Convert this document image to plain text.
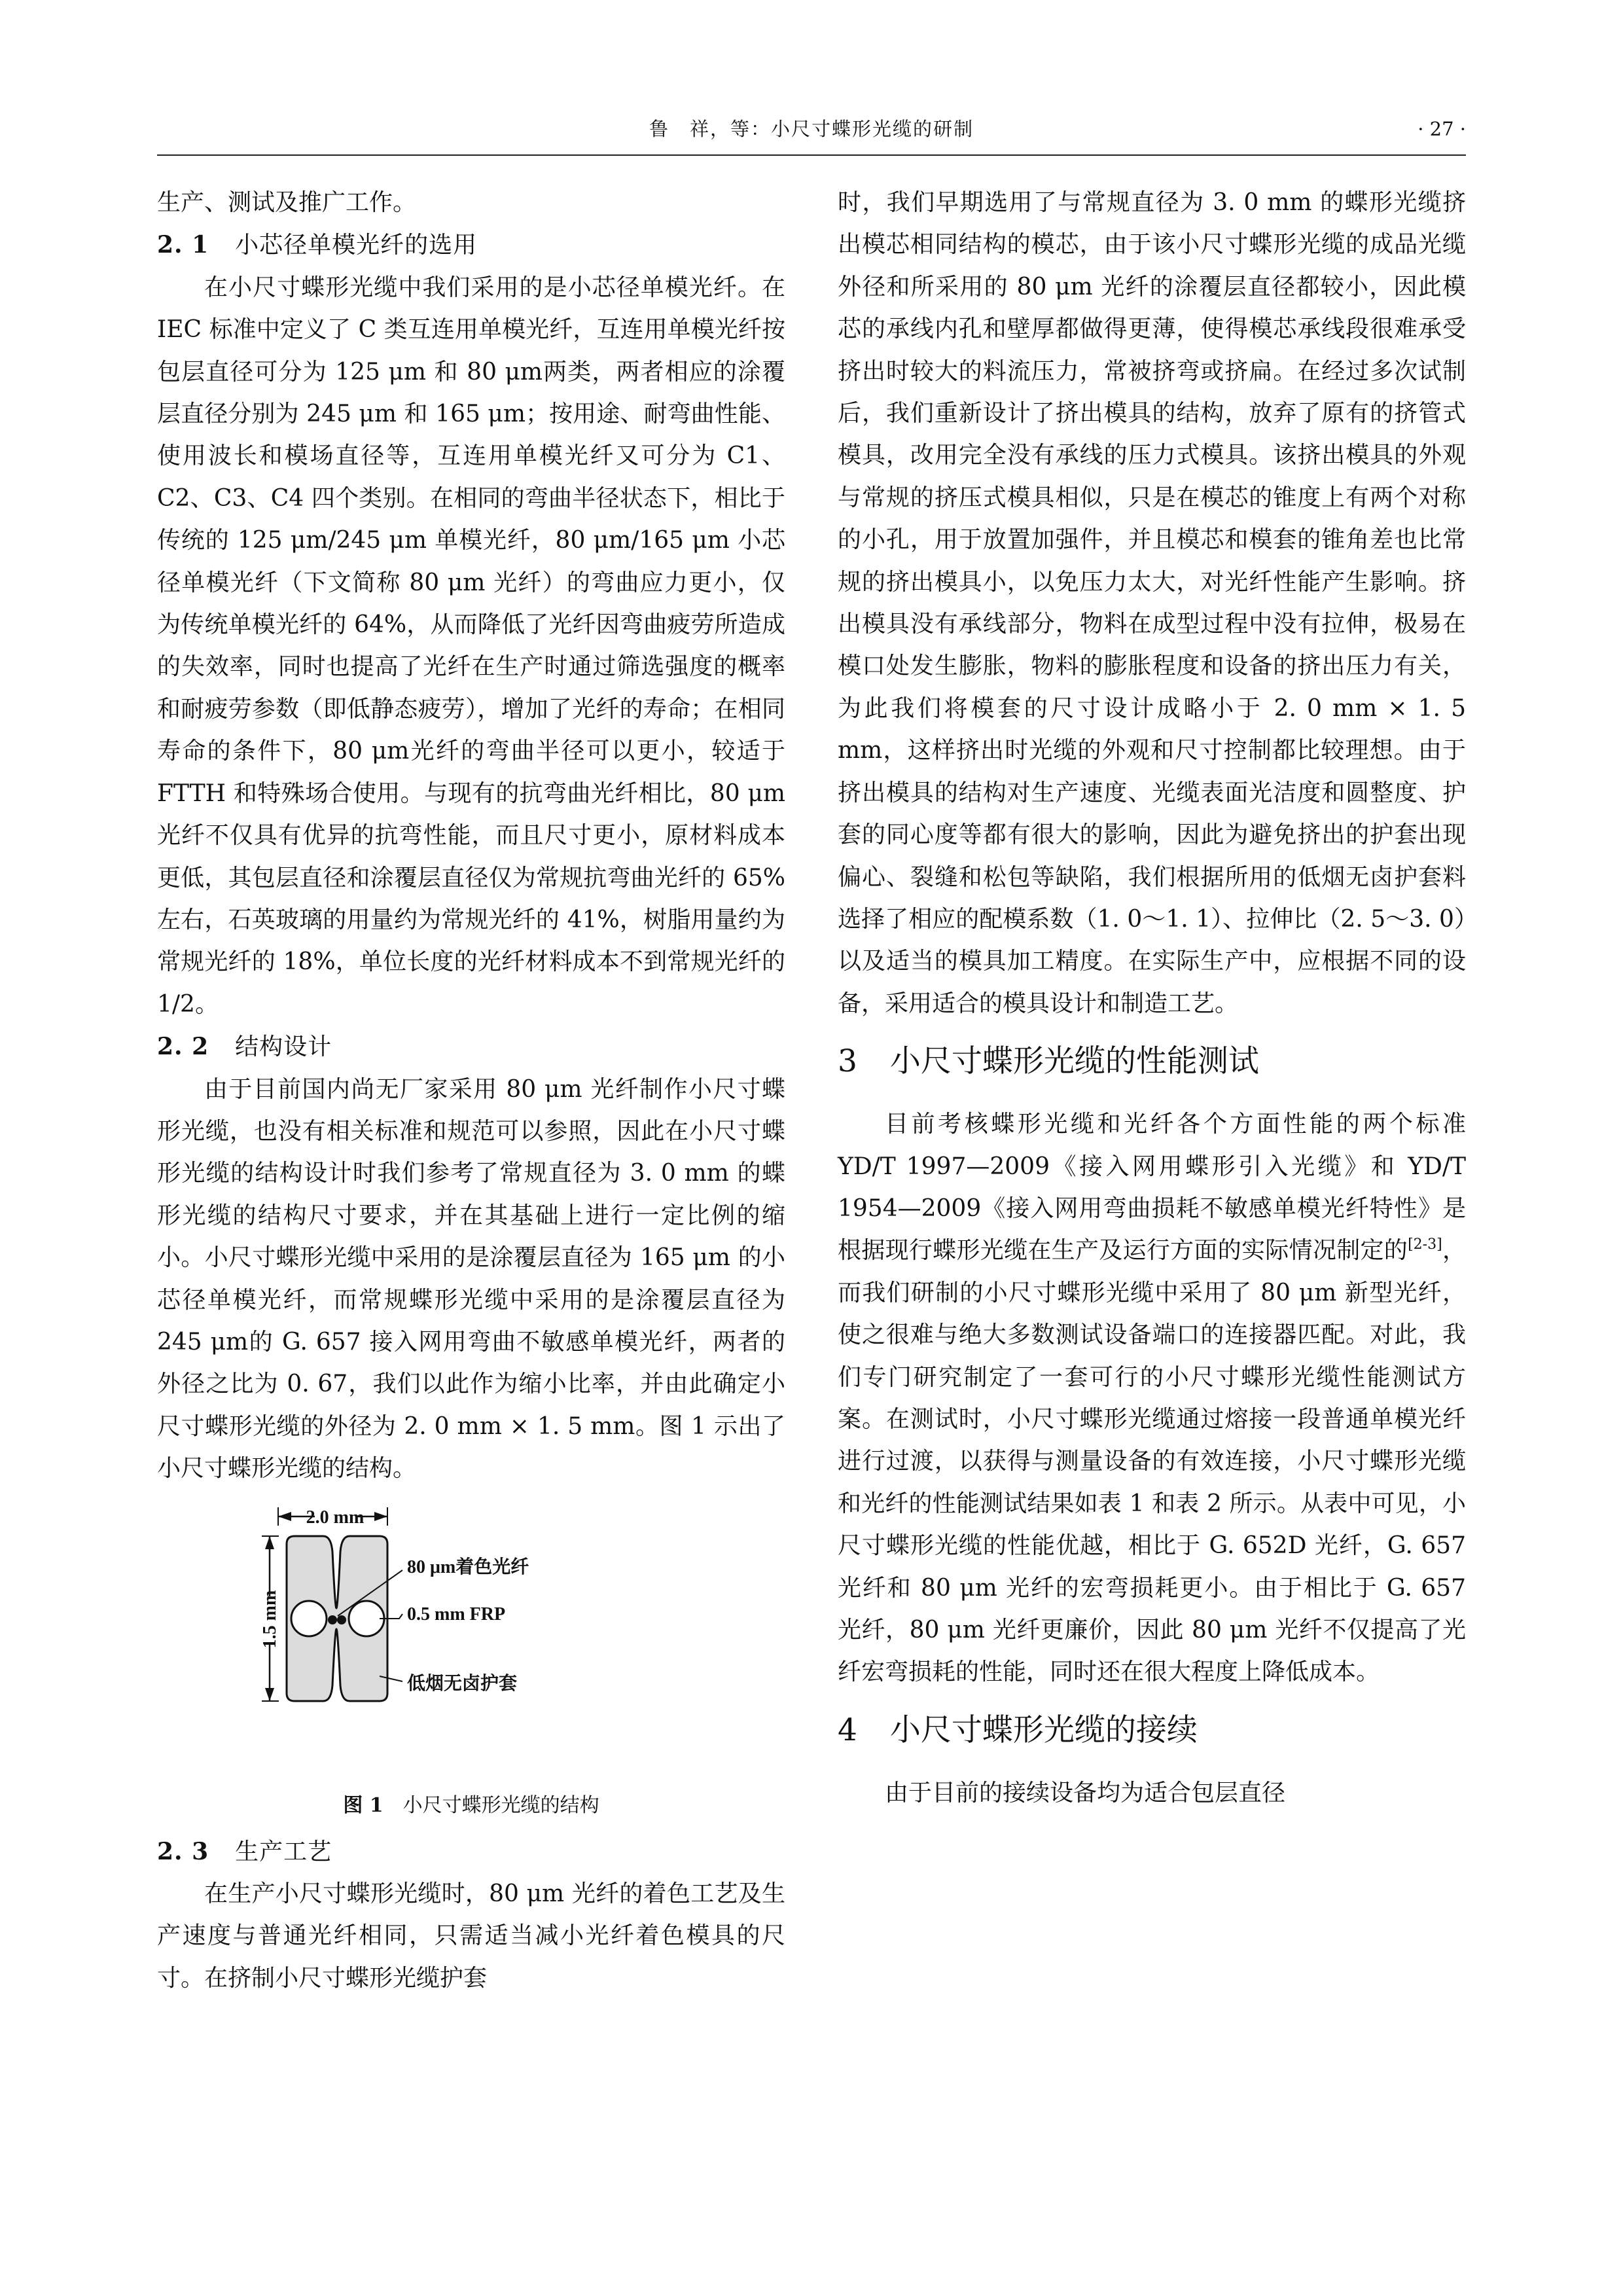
鲁　祥，等：小尺寸蝶形光缆的研制	· 27 ·

生产、测试及推广工作。

2. 1 小芯径单模光纤的选用

在小尺寸蝶形光缆中我们采用的是小芯径单模光纤。在 IEC 标准中定义了 C 类互连用单模光纤，互连用单模光纤按包层直径可分为 125 μm 和 80 μm两类，两者相应的涂覆层直径分别为 245 μm 和 165 μm；按用途、耐弯曲性能、使用波长和模场直径等，互连用单模光纤又可分为 C1、C2、C3、C4 四个类别。在相同的弯曲半径状态下，相比于传统的 125 μm/245 μm 单模光纤，80 μm/165 μm 小芯径单模光纤（下文简称 80 μm 光纤）的弯曲应力更小，仅为传统单模光纤的 64%，从而降低了光纤因弯曲疲劳所造成的失效率，同时也提高了光纤在生产时通过筛选强度的概率和耐疲劳参数（即低静态疲劳），增加了光纤的寿命；在相同寿命的条件下，80 μm光纤的弯曲半径可以更小，较适于 FTTH 和特殊场合使用。与现有的抗弯曲光纤相比，80 μm 光纤不仅具有优异的抗弯性能，而且尺寸更小，原材料成本更低，其包层直径和涂覆层直径仅为常规抗弯曲光纤的 65%左右，石英玻璃的用量约为常规光纤的 41%，树脂用量约为常规光纤的 18%，单位长度的光纤材料成本不到常规光纤的 1/2。

2. 2 结构设计

由于目前国内尚无厂家采用 80 μm 光纤制作小尺寸蝶形光缆，也没有相关标准和规范可以参照，因此在小尺寸蝶形光缆的结构设计时我们参考了常规直径为 3. 0 mm 的蝶形光缆的结构尺寸要求，并在其基础上进行一定比例的缩小。小尺寸蝶形光缆中采用的是涂覆层直径为 165 μm 的小芯径单模光纤，而常规蝶形光缆中采用的是涂覆层直径为 245 μm的 G. 657 接入网用弯曲不敏感单模光纤，两者的外径之比为 0. 67，我们以此作为缩小比率，并由此确定小尺寸蝶形光缆的外径为 2. 0 mm × 1. 5 mm。图 1 示出了小尺寸蝶形光缆的结构。

2.0 mm
1.5 mm
80 μm着色光纤
0.5 mm FRP
低烟无卤护套

图 1 小尺寸蝶形光缆的结构

2. 3 生产工艺

在生产小尺寸蝶形光缆时，80 μm 光纤的着色工艺及生产速度与普通光纤相同，只需适当减小光纤着色模具的尺寸。在挤制小尺寸蝶形光缆护套

时，我们早期选用了与常规直径为 3. 0 mm 的蝶形光缆挤出模芯相同结构的模芯，由于该小尺寸蝶形光缆的成品光缆外径和所采用的 80 μm 光纤的涂覆层直径都较小，因此模芯的承线内孔和壁厚都做得更薄，使得模芯承线段很难承受挤出时较大的料流压力，常被挤弯或挤扁。在经过多次试制后，我们重新设计了挤出模具的结构，放弃了原有的挤管式模具，改用完全没有承线的压力式模具。该挤出模具的外观与常规的挤压式模具相似，只是在模芯的锥度上有两个对称的小孔，用于放置加强件，并且模芯和模套的锥角差也比常规的挤出模具小，以免压力太大，对光纤性能产生影响。挤出模具没有承线部分，物料在成型过程中没有拉伸，极易在模口处发生膨胀，物料的膨胀程度和设备的挤出压力有关，为此我们将模套的尺寸设计成略小于 2. 0 mm × 1. 5 mm，这样挤出时光缆的外观和尺寸控制都比较理想。由于挤出模具的结构对生产速度、光缆表面光洁度和圆整度、护套的同心度等都有很大的影响，因此为避免挤出的护套出现偏心、裂缝和松包等缺陷，我们根据所用的低烟无卤护套料选择了相应的配模系数（1. 0～1. 1）、拉伸比（2. 5～3. 0）以及适当的模具加工精度。在实际生产中，应根据不同的设备，采用适合的模具设计和制造工艺。

3 小尺寸蝶形光缆的性能测试

目前考核蝶形光缆和光纤各个方面性能的两个标准 YD/T 1997—2009《接入网用蝶形引入光缆》和 YD/T 1954—2009《接入网用弯曲损耗不敏感单模光纤特性》是根据现行蝶形光缆在生产及运行方面的实际情况制定的[2-3]，而我们研制的小尺寸蝶形光缆中采用了 80 μm 新型光纤，使之很难与绝大多数测试设备端口的连接器匹配。对此，我们专门研究制定了一套可行的小尺寸蝶形光缆性能测试方案。在测试时，小尺寸蝶形光缆通过熔接一段普通单模光纤进行过渡，以获得与测量设备的有效连接，小尺寸蝶形光缆和光纤的性能测试结果如表 1 和表 2 所示。从表中可见，小尺寸蝶形光缆的性能优越，相比于 G. 652D 光纤，G. 657 光纤和 80 μm 光纤的宏弯损耗更小。由于相比于 G. 657 光纤，80 μm 光纤更廉价，因此 80 μm 光纤不仅提高了光纤宏弯损耗的性能，同时还在很大程度上降低成本。

4 小尺寸蝶形光缆的接续

由于目前的接续设备均为适合包层直径
